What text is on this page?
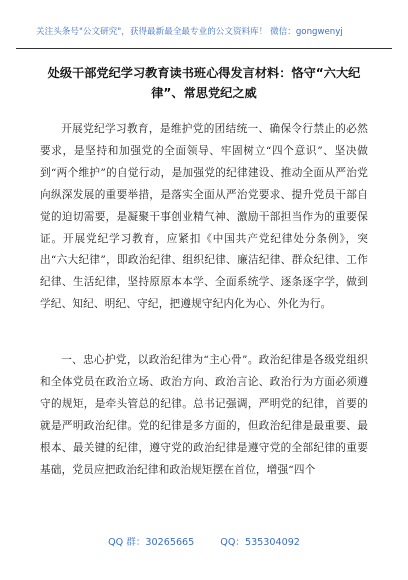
关注头条号"公文研究"，获得最新最全最专业的公文资料库！ 微信：gongwenyj
处级干部党纪学习教育读书班心得发言材料：恪守“六大纪律”、常思党纪之威
开展党纪学习教育，是维护党的团结统一、确保令行禁止的必然要求，是坚持和加强党的全面领导、牢固树立“四个意识”、坚决做到“两个维护”的自觉行动，是加强党的纪律建设、推动全面从严治党向纵深发展的重要举措，是落实全面从严治党要求、提升党员干部自觉的迫切需要，是凝聚干事创业精气神、激励干部担当作为的重要保证。开展党纪学习教育，应紧扣《中国共产党纪律处分条例》，突出“六大纪律”，即政治纪律、组织纪律、廉洁纪律、群众纪律、工作纪律、生活纪律，坚持原原本本学、全面系统学、逐条逐字学，做到学纪、知纪、明纪、守纪，把遵规守纪内化为心、外化为行。
一、忠心护党，以政治纪律为“主心骨”。政治纪律是各级党组织和全体党员在政治立场、政治方向、政治言论、政治行为方面必须遵守的规矩，是牵头管总的纪律。总书记强调，严明党的纪律，首要的就是严明政治纪律。党的纪律是多方面的，但政治纪律是最重要、最根本、最关键的纪律，遵守党的政治纪律是遵守党的全部纪律的重要基础，党员应把政治纪律和政治规矩摆在首位，增强“四个
QQ 群：30265665	QQ：535304092
